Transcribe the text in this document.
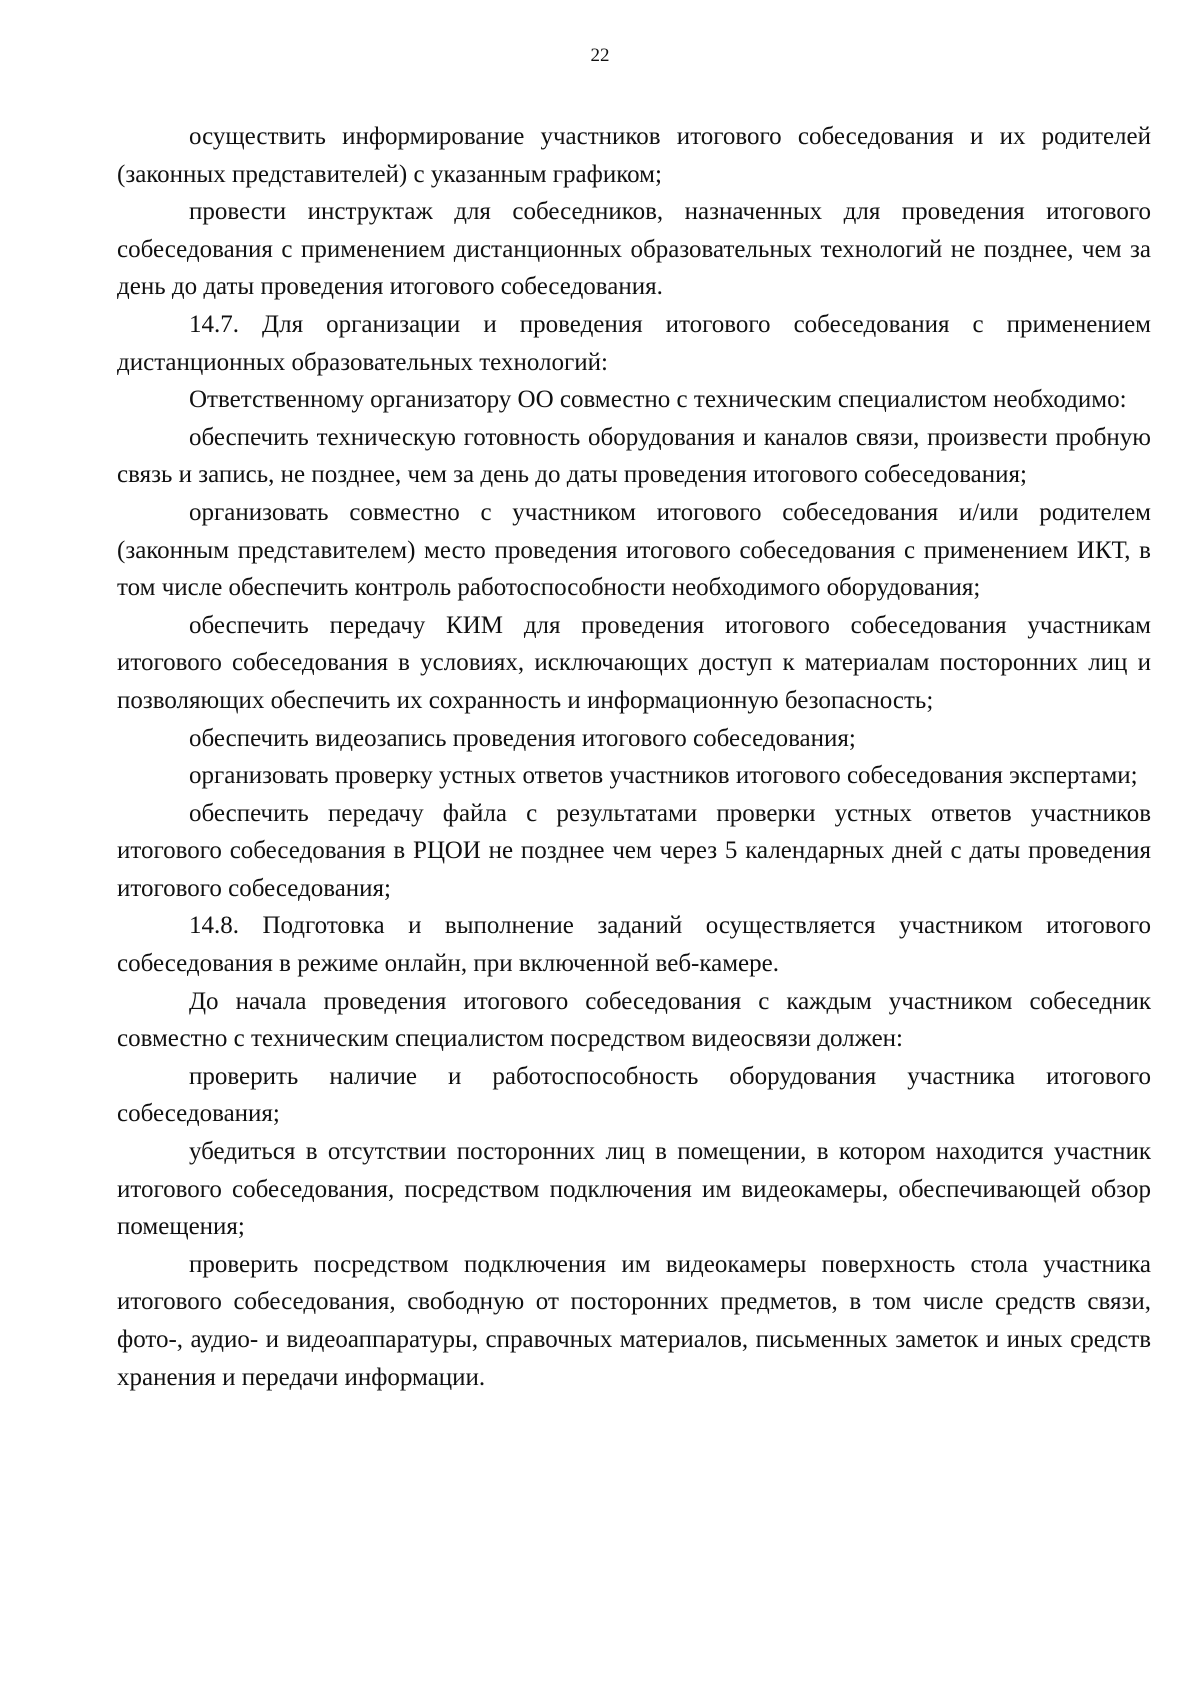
22

осуществить информирование участников итогового собеседования и их родителей (законных представителей) с указанным графиком;

провести инструктаж для собеседников, назначенных для проведения итогового собеседования с применением дистанционных образовательных технологий не позднее, чем за день до даты проведения итогового собеседования.

14.7. Для организации и проведения итогового собеседования с применением дистанционных образовательных технологий:

Ответственному организатору ОО совместно с техническим специалистом необходимо:

обеспечить техническую готовность оборудования и каналов связи, произвести пробную связь и запись, не позднее, чем за день до даты проведения итогового собеседования;

организовать совместно с участником итогового собеседования и/или родителем (законным представителем) место проведения итогового собеседования с применением ИКТ, в том числе обеспечить контроль работоспособности необходимого оборудования;

обеспечить передачу КИМ для проведения итогового собеседования участникам итогового собеседования в условиях, исключающих доступ к материалам посторонних лиц и позволяющих обеспечить их сохранность и информационную безопасность;

обеспечить видеозапись проведения итогового собеседования;

организовать проверку устных ответов участников итогового собеседования экспертами;

обеспечить передачу файла с результатами проверки устных ответов участников итогового собеседования в РЦОИ не позднее чем через 5 календарных дней с даты проведения итогового собеседования;

14.8. Подготовка и выполнение заданий осуществляется участником итогового собеседования в режиме онлайн, при включенной веб-камере.

До начала проведения итогового собеседования с каждым участником собеседник совместно с техническим специалистом посредством видеосвязи должен:

проверить наличие и работоспособность оборудования участника итогового собеседования;

убедиться в отсутствии посторонних лиц в помещении, в котором находится участник итогового собеседования, посредством подключения им видеокамеры, обеспечивающей обзор помещения;

проверить посредством подключения им видеокамеры поверхность стола участника итогового собеседования, свободную от посторонних предметов, в том числе средств связи, фото-, аудио- и видеоаппаратуры, справочных материалов, письменных заметок и иных средств хранения и передачи информации.
